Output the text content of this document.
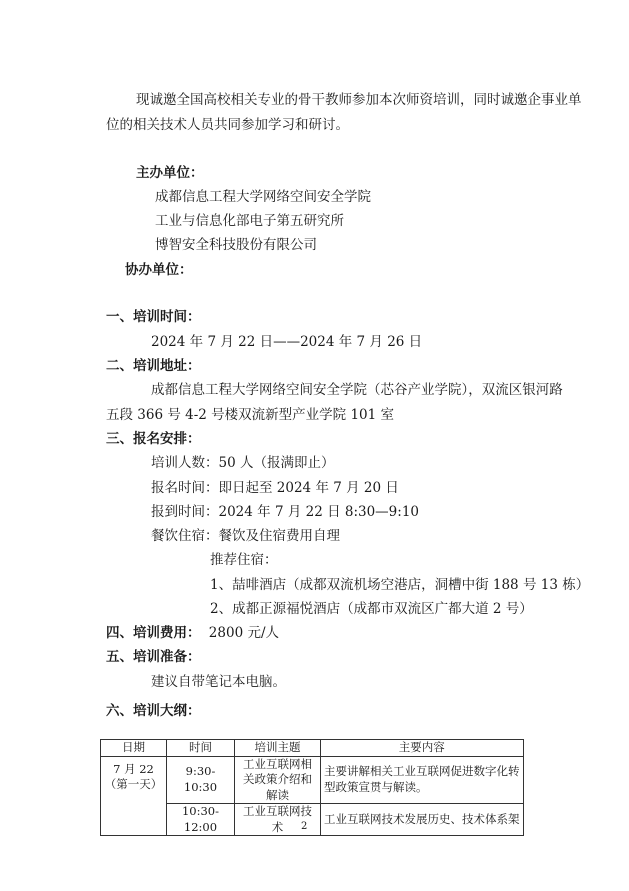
现诚邀全国高校相关专业的骨干教师参加本次师资培训，同时诚邀企事业单
位的相关技术人员共同参加学习和研讨。
主办单位：
成都信息工程大学网络空间安全学院
工业与信息化部电子第五研究所
博智安全科技股份有限公司
协办单位：
一、培训时间：
2024 年 7 月 22 日——2024 年 7 月 26 日
二、培训地址：
成都信息工程大学网络空间安全学院（芯谷产业学院），双流区银河路
五段 366 号 4-2 号楼双流新型产业学院 101 室
三、报名安排：
培训人数：50 人（报满即止）
报名时间：即日起至 2024 年 7 月 20 日
报到时间：2024 年 7 月 22 日 8:30—9:10
餐饮住宿：餐饮及住宿费用自理
推荐住宿：
1、喆啡酒店（成都双流机场空港店，洞槽中街 188 号 13 栋）
2、成都正源福悦酒店（成都市双流区广都大道 2 号）
四、培训费用： 2800 元/人
五、培训准备：
建议自带笔记本电脑。
六、培训大纲：
日期	时间	培训主题	主要内容
7 月 22
（第一天）	9:30-10:30	工业互联网相关政策介绍和解读	主要讲解相关工业互联网促进数字化转型政策宣贯与解读。
	10:30-12:00	工业互联网技术	工业互联网技术发展历史、技术体系架
2
